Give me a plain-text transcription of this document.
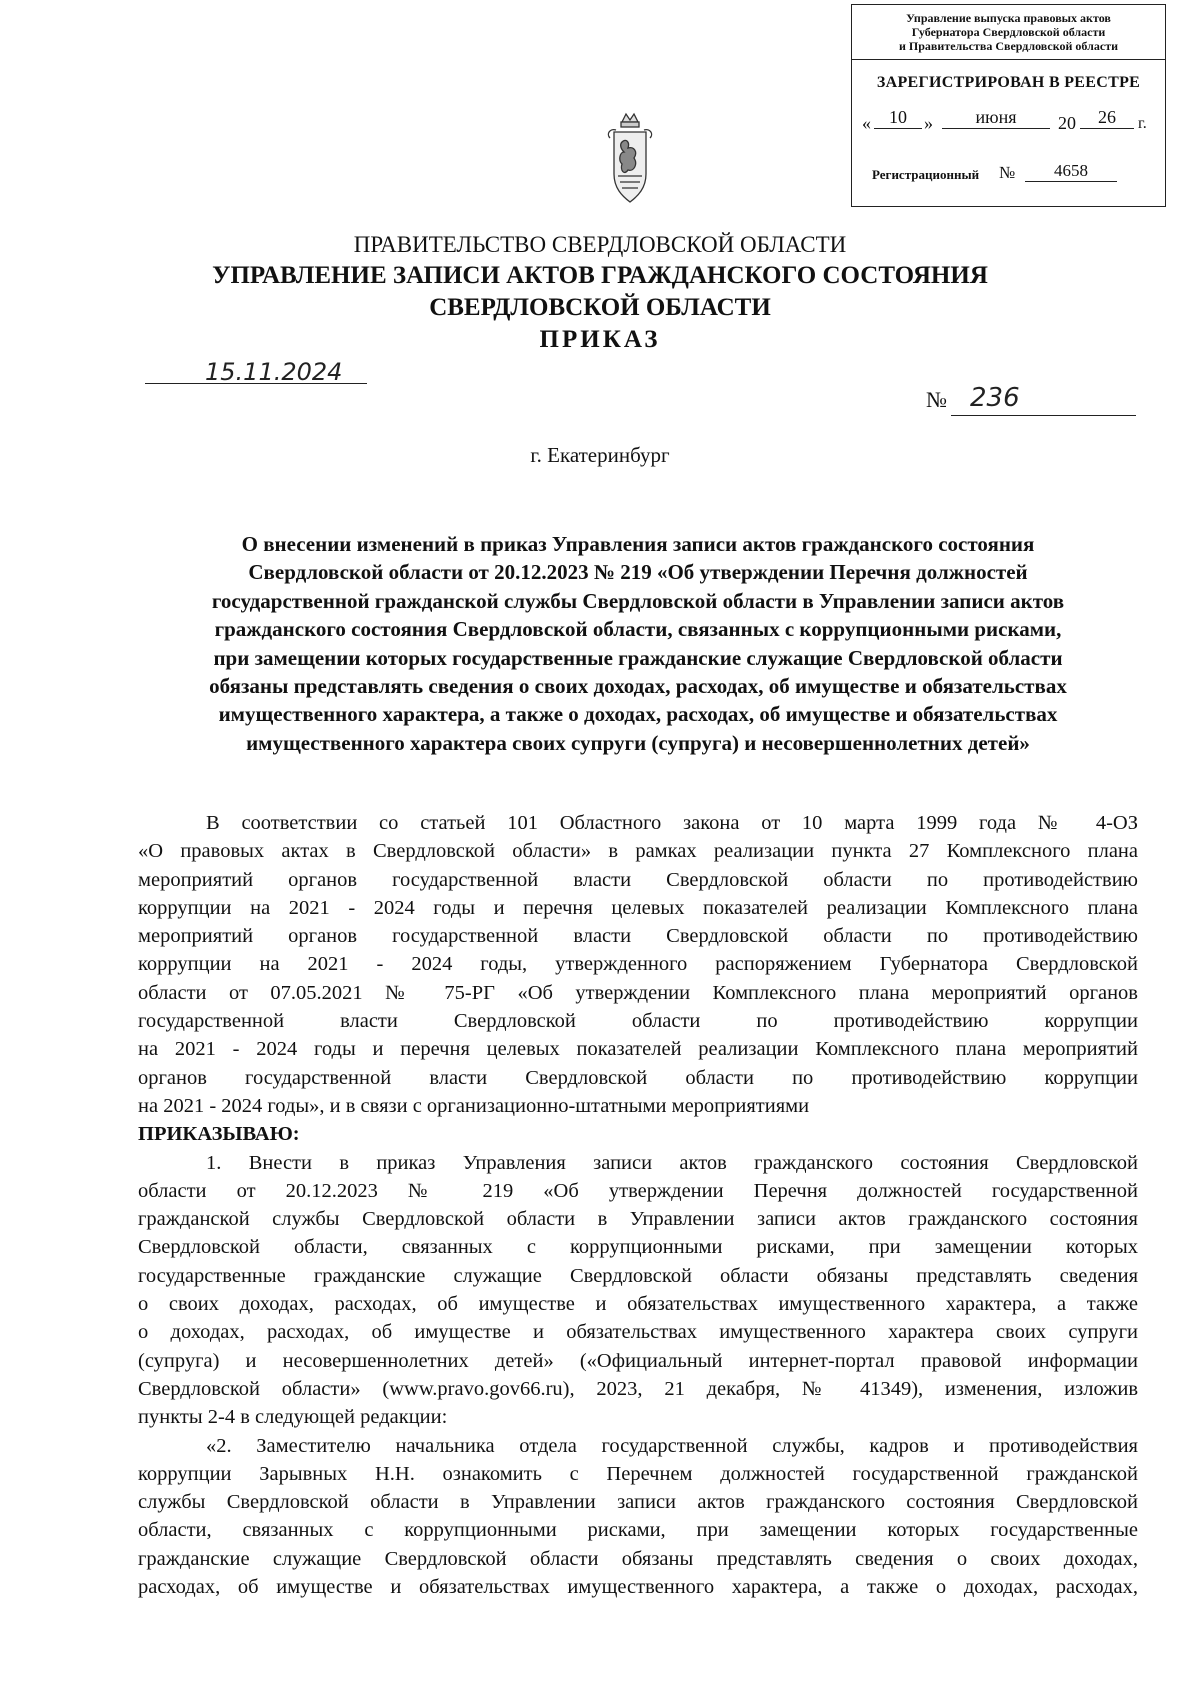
Управление выпуска правовых актов
Губернатора Свердловской области
и Правительства Свердловской области
ЗАРЕГИСТРИРОВАН В РЕЕСТРЕ
«	10 »	июня	20	26	г.
Регистрационный №	4658
ПРАВИТЕЛЬСТВО СВЕРДЛОВСКОЙ ОБЛАСТИ
УПРАВЛЕНИЕ ЗАПИСИ АКТОВ ГРАЖДАНСКОГО СОСТОЯНИЯ
СВЕРДЛОВСКОЙ ОБЛАСТИ
ПРИКАЗ
15.11.2024
№ 236
г. Екатеринбург
О внесении изменений в приказ Управления записи актов гражданского состояния
Свердловской области от 20.12.2023 № 219 «Об утверждении Перечня должностей
государственной гражданской службы Свердловской области в Управлении записи актов
гражданского состояния Свердловской области, связанных с коррупционными рисками,
при замещении которых государственные гражданские служащие Свердловской области
обязаны представлять сведения о своих доходах, расходах, об имуществе и обязательствах
имущественного характера, а также о доходах, расходах, об имуществе и обязательствах
имущественного характера своих супруги (супруга) и несовершеннолетних детей»
В соответствии со статьей 101 Областного закона от 10 марта 1999 года № 4-ОЗ
«О правовых актах в Свердловской области» в рамках реализации пункта 27 Комплексного плана
мероприятий органов государственной власти Свердловской области по противодействию
коррупции на 2021 - 2024 годы и перечня целевых показателей реализации Комплексного плана
мероприятий органов государственной власти Свердловской области по противодействию
коррупции на 2021 - 2024 годы, утвержденного распоряжением Губернатора Свердловской
области от 07.05.2021 № 75-РГ «Об утверждении Комплексного плана мероприятий органов
государственной власти Свердловской области по противодействию коррупции
на 2021 - 2024 годы и перечня целевых показателей реализации Комплексного плана мероприятий
органов государственной власти Свердловской области по противодействию коррупции
на 2021 - 2024 годы», и в связи с организационно-штатными мероприятиями
ПРИКАЗЫВАЮ:
1. Внести в приказ Управления записи актов гражданского состояния Свердловской
области от 20.12.2023 № 219 «Об утверждении Перечня должностей государственной
гражданской службы Свердловской области в Управлении записи актов гражданского состояния
Свердловской области, связанных с коррупционными рисками, при замещении которых
государственные гражданские служащие Свердловской области обязаны представлять сведения
о своих доходах, расходах, об имуществе и обязательствах имущественного характера, а также
о доходах, расходах, об имуществе и обязательствах имущественного характера своих супруги
(супруга) и несовершеннолетних детей» («Официальный интернет-портал правовой информации
Свердловской области» (www.pravo.gov66.ru), 2023, 21 декабря, № 41349), изменения, изложив
пункты 2-4 в следующей редакции:
«2. Заместителю начальника отдела государственной службы, кадров и противодействия
коррупции Зарывных Н.Н. ознакомить с Перечнем должностей государственной гражданской
службы Свердловской области в Управлении записи актов гражданского состояния Свердловской
области, связанных с коррупционными рисками, при замещении которых государственные
гражданские служащие Свердловской области обязаны представлять сведения о своих доходах,
расходах, об имуществе и обязательствах имущественного характера, а также о доходах, расходах,
